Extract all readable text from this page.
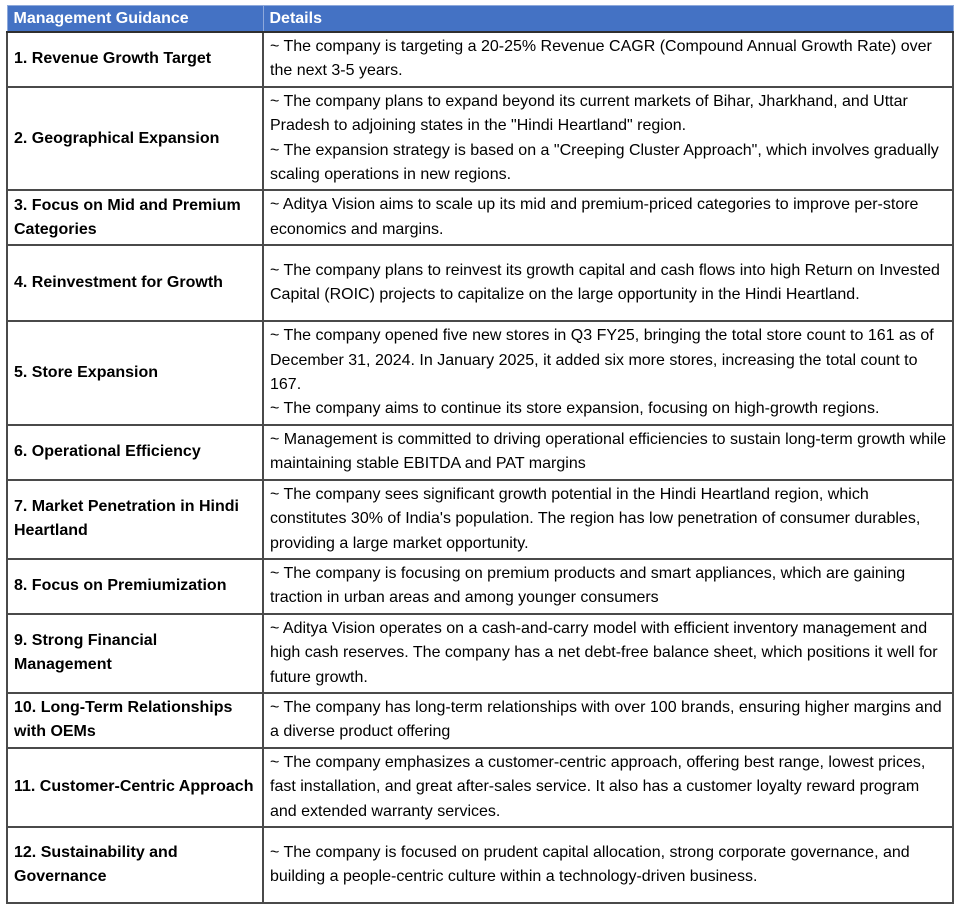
Management Guidance	Details
1. Revenue Growth Target	~ The company is targeting a 20-25% Revenue CAGR (Compound Annual Growth Rate) over the next 3-5 years.

2. Geographical Expansion	~ The company plans to expand beyond its current markets of Bihar, Jharkhand, and Uttar Pradesh to adjoining states in the "Hindi Heartland" region.

~ The expansion strategy is based on a "Creeping Cluster Approach", which involves gradually scaling operations in new regions.

3. Focus on Mid and Premium Categories	~ Aditya Vision aims to scale up its mid and premium-priced categories to improve per-store economics and margins.

4. Reinvestment for Growth	~ The company plans to reinvest its growth capital and cash flows into high Return on Invested Capital (ROIC) projects to capitalize on the large opportunity in the Hindi Heartland.

5. Store Expansion	~ The company opened five new stores in Q3 FY25, bringing the total store count to 161 as of December 31, 2024. In January 2025, it added six more stores, increasing the total count to 167.

~ The company aims to continue its store expansion, focusing on high-growth regions.

6. Operational Efficiency	~ Management is committed to driving operational efficiencies to sustain long-term growth while maintaining stable EBITDA and PAT margins

7. Market Penetration in Hindi Heartland	~ The company sees significant growth potential in the Hindi Heartland region, which constitutes 30% of India's population. The region has low penetration of consumer durables, providing a large market opportunity.

8. Focus on Premiumization	~ The company is focusing on premium products and smart appliances, which are gaining traction in urban areas and among younger consumers

9. Strong Financial Management	~ Aditya Vision operates on a cash-and-carry model with efficient inventory management and high cash reserves. The company has a net debt-free balance sheet, which positions it well for future growth.

10. Long-Term Relationships with OEMs	~ The company has long-term relationships with over 100 brands, ensuring higher margins and a diverse product offering

11. Customer-Centric Approach	~ The company emphasizes a customer-centric approach, offering best range, lowest prices, fast installation, and great after-sales service. It also has a customer loyalty reward program and extended warranty services.

12. Sustainability and Governance	~ The company is focused on prudent capital allocation, strong corporate governance, and building a people-centric culture within a technology-driven business.
